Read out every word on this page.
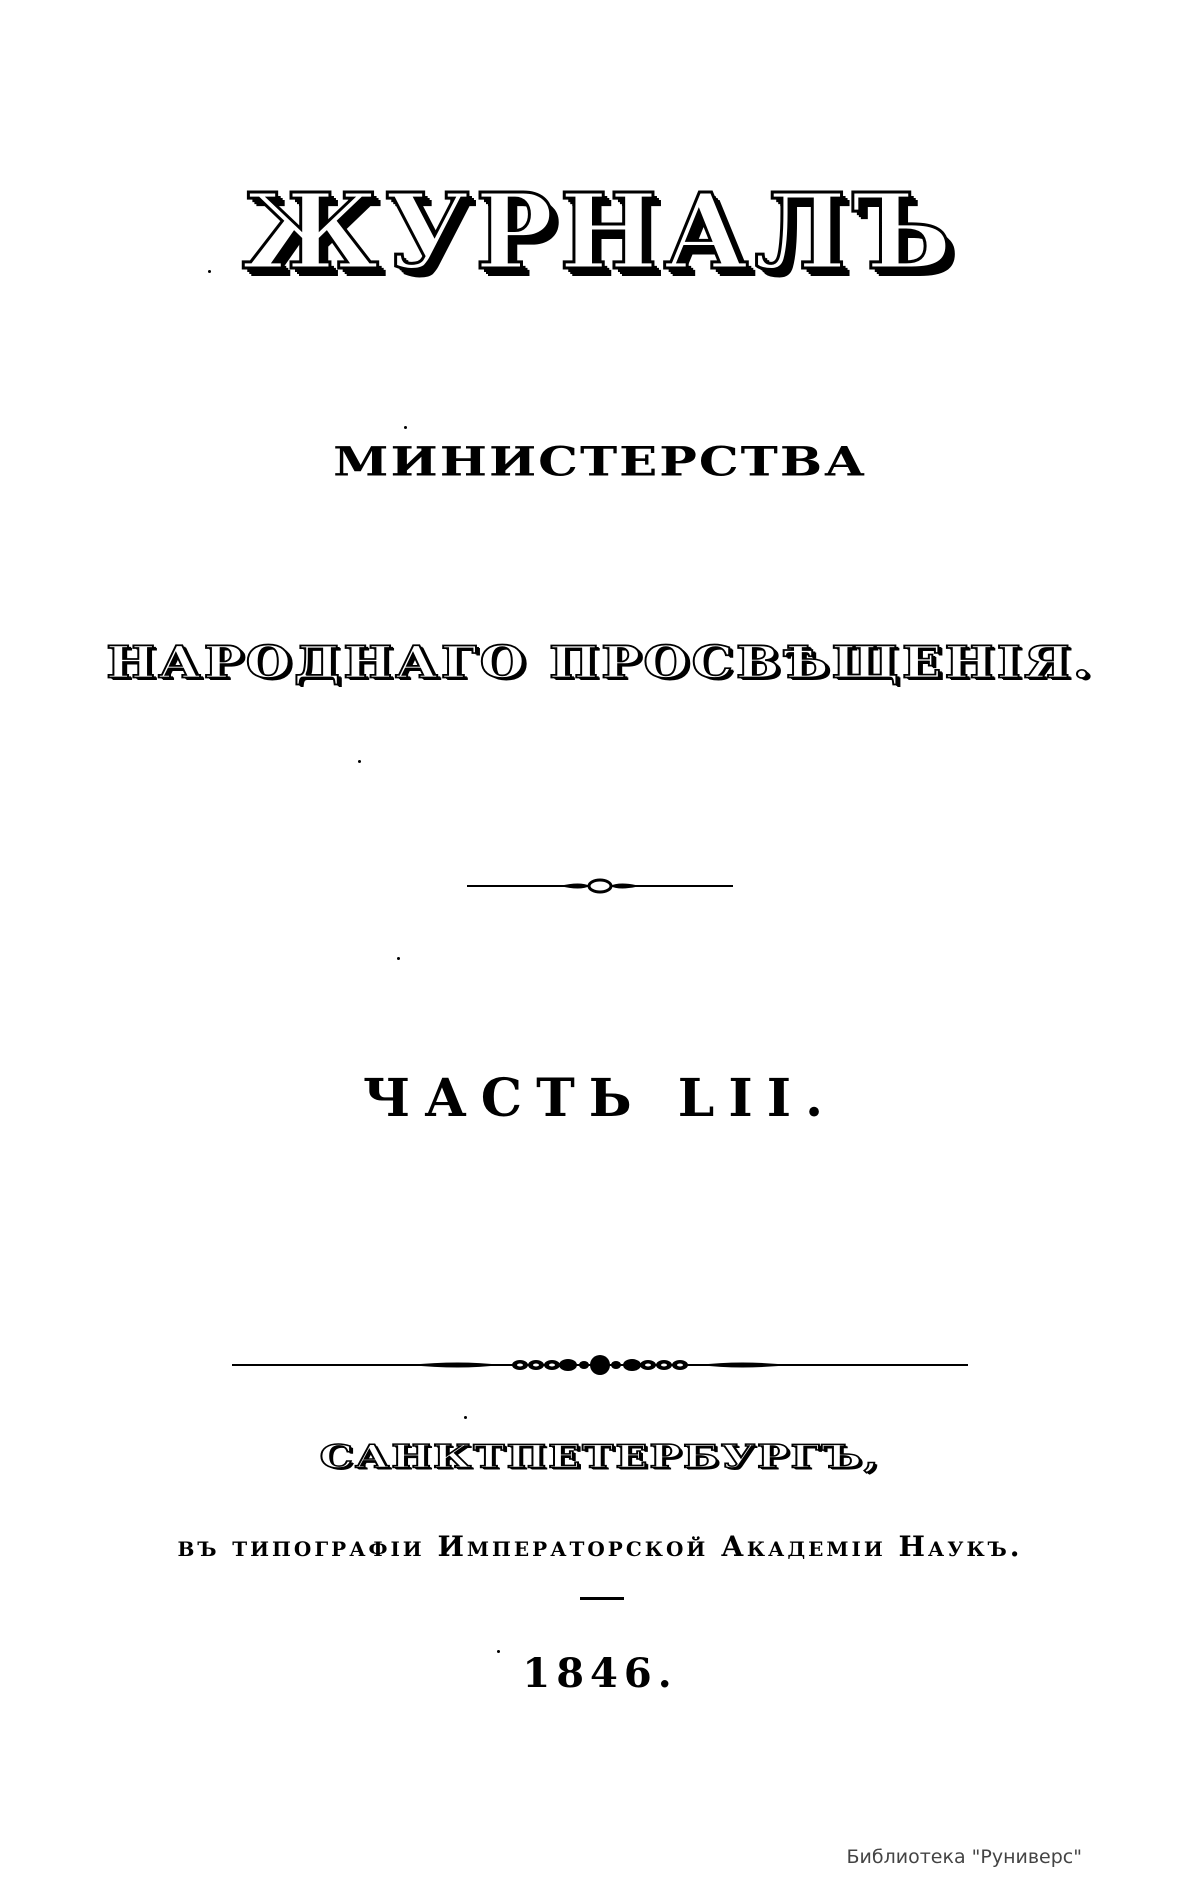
ЖУРНАЛЪ
МИНИСТЕРСТВА
НАРОДНАГО ПРОСВѢЩЕНІЯ.
ЧАСТЬ LII.
САНКТПЕТЕРБУРГЪ,
въ типографіи Императорской Академіи Наукъ.
1846.
Библиотека "Руниверс"
